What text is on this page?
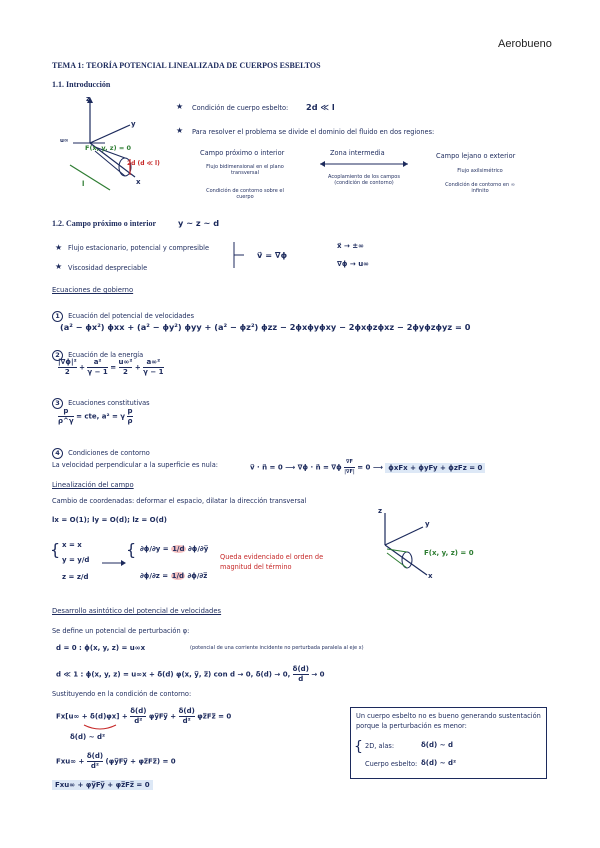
Aerobueno
TEMA 1: TEORÍA POTENCIAL LINEALIZADA DE CUERPOS ESBELTOS
1.1. Introducción
u∞
z
y
x
F(x, y, z) = 0
2d (d ≪ l)
l
★ Condición de cuerpo esbelto: 2d ≪ l
★ Para resolver el problema se divide el dominio del fluido en dos regiones:
Campo próximo o interior
Flujo bidimensional en el plano transversal
Condición de contorno sobre el cuerpo
Zona intermedia
Acoplamiento de los campos (condición de contorno)
Campo lejano o exterior
Flujo axilsimétrico
Condición de contorno en ∞ infinito
1.2. Campo próximo o interior	y ~ z ~ d
★ Flujo estacionario, potencial y compresible
★ Viscosidad despreciable
v⃗ = ∇ϕ
x⃗ → ±∞
∇ϕ → u∞
Ecuaciones de gobierno
1 Ecuación del potencial de velocidades
(a² − ϕx²) ϕxx + (a² − ϕy²) ϕyy + (a² − ϕz²) ϕzz − 2ϕxϕyϕxy − 2ϕxϕzϕxz − 2ϕyϕzϕyz = 0
2 Ecuación de la energía
$\frac{\text{|∇ϕ|²}}{2} + \frac{\text{a²}}{\gamma - 1} = \frac{\text{u∞²}}{2} + \frac{\text{a∞²}}{\gamma - 1}$
3 Ecuaciones constitutivas
$\frac{p}{\rho\^{}\gamma}$ = cte, a² = γ $\frac{p}{\rho}$
4 Condiciones de contorno
La velocidad perpendicular a la superficie es nula:	v⃗ · n⃗ = 0 ⟶ ∇ϕ · n⃗ = $\nabla\phi \frac{\nabla F}{|\nabla F|} = 0$ ⟶ ϕxFx + ϕyFy + ϕzFz = 0
Linealización del campo
Cambio de coordenadas: deformar el espacio, dilatar la dirección transversal
lx = O(1); ly = O(d); lz = O(d)
{ x = x
y = y/d
z = z/d
{ ∂ϕ/∂y = 1/d ∂ϕ/∂y̅
∂ϕ/∂z = 1/d ∂ϕ/∂z̅
Queda evidenciado el orden de magnitud del término
z
y
x
F(x, y, z) = 0
Desarrollo asintótico del potencial de velocidades
Se define un potencial de perturbación φ:
d = 0 : ϕ(x, y, z) = u∞x	(potencial de una corriente incidente no perturbada paralela al eje x)
d ≪ 1 : ϕ(x, y, z) = u∞x + δ(d) φ(x, y̅, z̅) con d → 0, δ(d) → 0, $\frac{\delta(d)}{d} \to 0$
Sustituyendo en la condición de contorno:
$Fx[u\infty + \delta(d)\varphi x] + \frac{\delta(d)}{\text{d²}}$ φy̅Fy̅ + $\frac{\delta(d)}{\text{d²}}$ φz̅Fz̅ = 0
δ(d) ~ d²
$Fxu\infty + \frac{\delta(d)}{\text{d²}}$ (φy̅Fy̅ + φz̅Fz̅) = 0
Fxu∞ + φy̅Fy̅ + φz̅Fz̅ = 0
Un cuerpo esbelto no es bueno generando sustentación porque la perturbación es menor:
{ 2D, alas:	δ(d) ~ d
Cuerpo esbelto: δ(d) ~ d²
